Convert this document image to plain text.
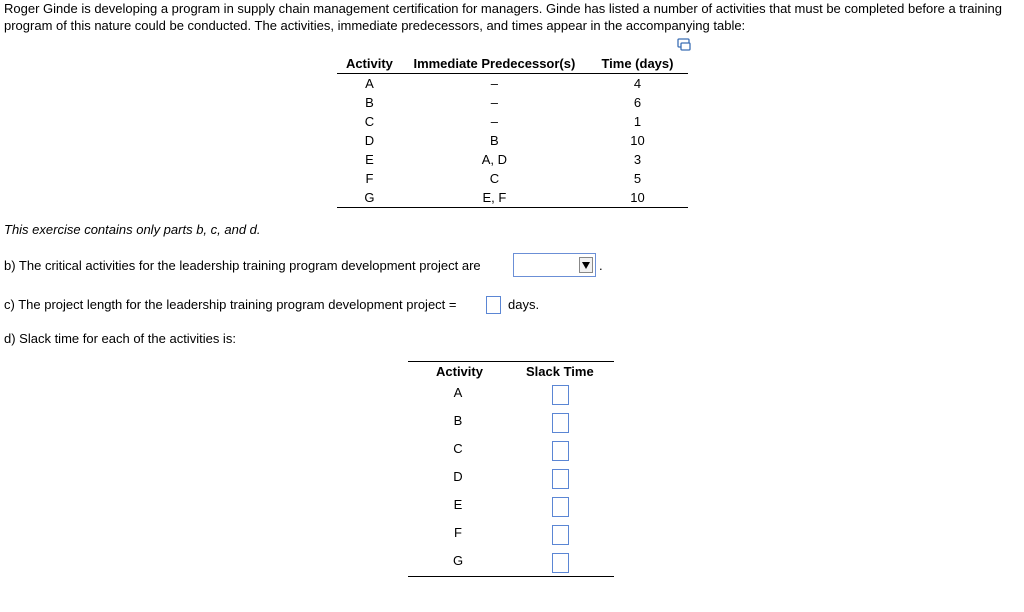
Roger Ginde is developing a program in supply chain management certification for managers. Ginde has listed a number of activities that must be completed before a training program of this nature could be conducted. The activities, immediate predecessors, and times appear in the accompanying table:
Activity	Immediate Predecessor(s)	Time (days)
A	–	4
B	–	6
C	–	1
D	B	10
E	A, D	3
F	C	5
G	E, F	10
This exercise contains only parts b, c, and d.
b) The critical activities for the leadership training program development project are	.
c) The project length for the leadership training program development project =	days.
d) Slack time for each of the activities is:
Activity	Slack Time
A
B
C
D
E
F
G
